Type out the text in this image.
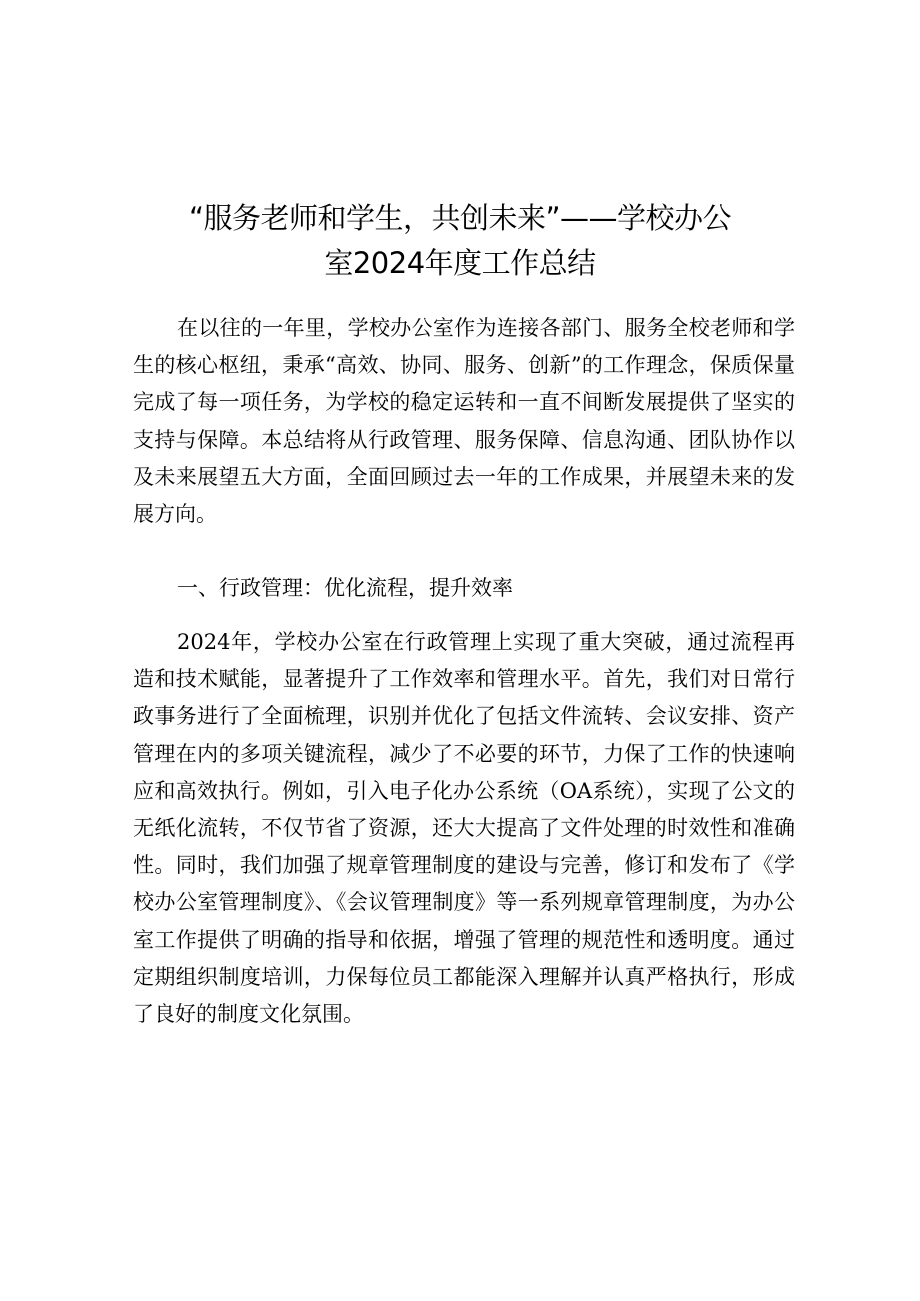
“服务老师和学生，共创未来”——学校办公
室2024年度工作总结

在以往的一年里，学校办公室作为连接各部门、服务全校老师和学生的核心枢纽，秉承“高效、协同、服务、创新”的工作理念，保质保量完成了每一项任务，为学校的稳定运转和一直不间断发展提供了坚实的支持与保障。本总结将从行政管理、服务保障、信息沟通、团队协作以及未来展望五大方面，全面回顾过去一年的工作成果，并展望未来的发展方向。

一、行政管理：优化流程，提升效率

2024年，学校办公室在行政管理上实现了重大突破，通过流程再造和技术赋能，显著提升了工作效率和管理水平。首先，我们对日常行政事务进行了全面梳理，识别并优化了包括文件流转、会议安排、资产管理在内的多项关键流程，减少了不必要的环节，力保了工作的快速响应和高效执行。例如，引入电子化办公系统（OA系统），实现了公文的无纸化流转，不仅节省了资源，还大大提高了文件处理的时效性和准确性。同时，我们加强了规章管理制度的建设与完善，修订和发布了《学校办公室管理制度》、《会议管理制度》等一系列规章管理制度，为办公室工作提供了明确的指导和依据，增强了管理的规范性和透明度。通过定期组织制度培训，力保每位员工都能深入理解并认真严格执行，形成了良好的制度文化氛围。
